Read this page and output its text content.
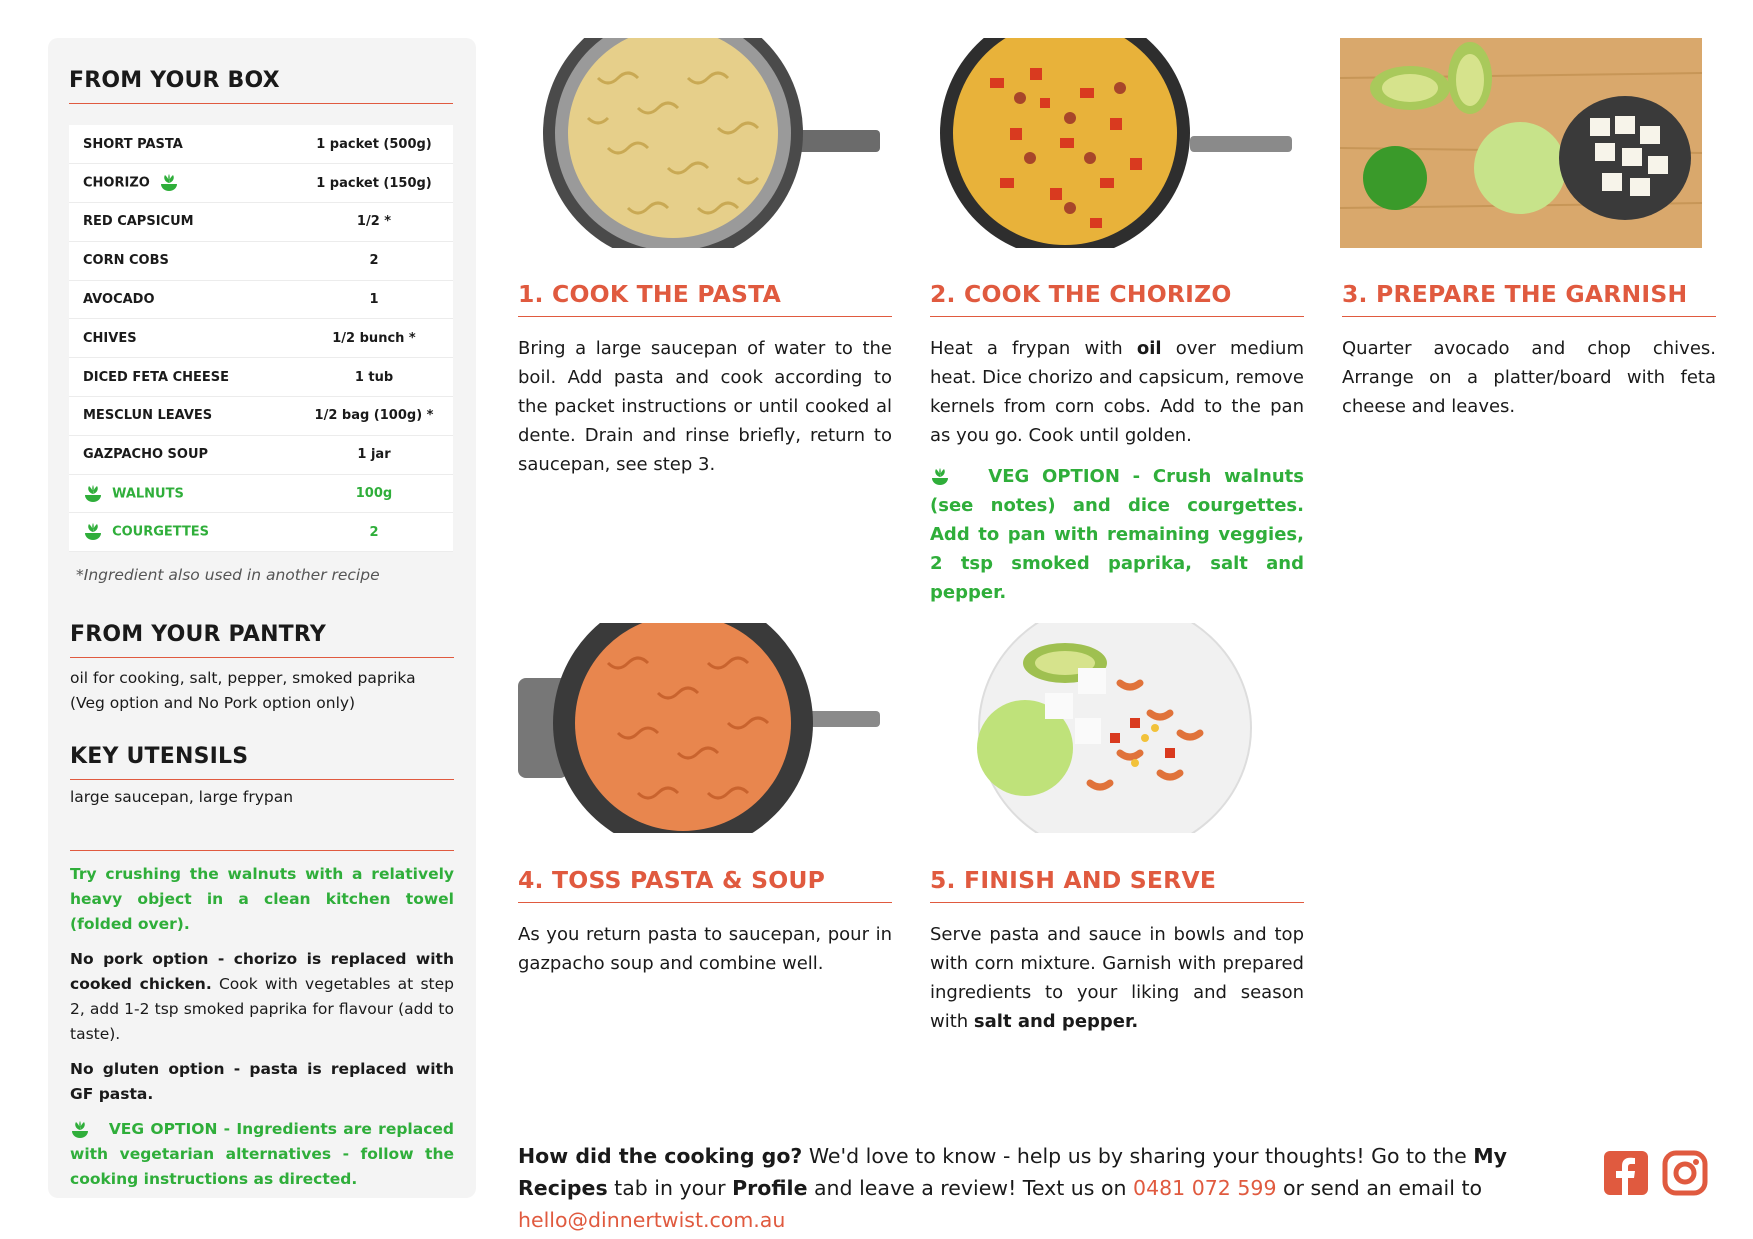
FROM YOUR BOX
SHORT PASTA	1 packet (500g)
CHORIZO	1 packet (150g)
RED CAPSICUM	1/2 *
CORN COBS	2
AVOCADO	1
CHIVES	1/2 bunch *
DICED FETA CHEESE	1 tub
MESCLUN LEAVES	1/2 bag (100g) *
GAZPACHO SOUP	1 jar

WALNUTS	100g

COURGETTES	2
*Ingredient also used in another recipe
FROM YOUR PANTRY
oil for cooking, salt, pepper, smoked paprika (Veg option and No Pork option only)
KEY UTENSILS
large saucepan, large frypan

Try crushing the walnuts with a relatively heavy object in a clean kitchen towel (folded over).

No pork option - chorizo is replaced with cooked chicken. Cook with vegetables at step 2, add 1-2 tsp smoked paprika for flavour (add to taste).

No gluten option - pasta is replaced with GF pasta.

VEG OPTION - Ingredients are replaced with vegetarian alternatives - follow the cooking instructions as directed.

1. COOK THE PASTA
Bring a large saucepan of water to the boil. Add pasta and cook according to the packet instructions or until cooked al dente. Drain and rinse briefly, return to saucepan, see step 3.
2. COOK THE CHORIZO
Heat a frypan with oil over medium heat. Dice chorizo and capsicum, remove kernels from corn cobs. Add to the pan as you go. Cook until golden.
VEG OPTION - Crush walnuts (see notes) and dice courgettes. Add to pan with remaining veggies, 2 tsp smoked paprika, salt and pepper.
3. PREPARE THE GARNISH
Quarter avocado and chop chives. Arrange on a platter/board with feta cheese and leaves.
4. TOSS PASTA & SOUP
As you return pasta to saucepan, pour in gazpacho soup and combine well.
5. FINISH AND SERVE
Serve pasta and sauce in bowls and top with corn mixture. Garnish with prepared ingredients to your liking and season with salt and pepper.
How did the cooking go? We'd love to know - help us by sharing your thoughts! Go to the My Recipes tab in your Profile and leave a review! Text us on 0481 072 599 or send an email to hello@dinnertwist.com.au
